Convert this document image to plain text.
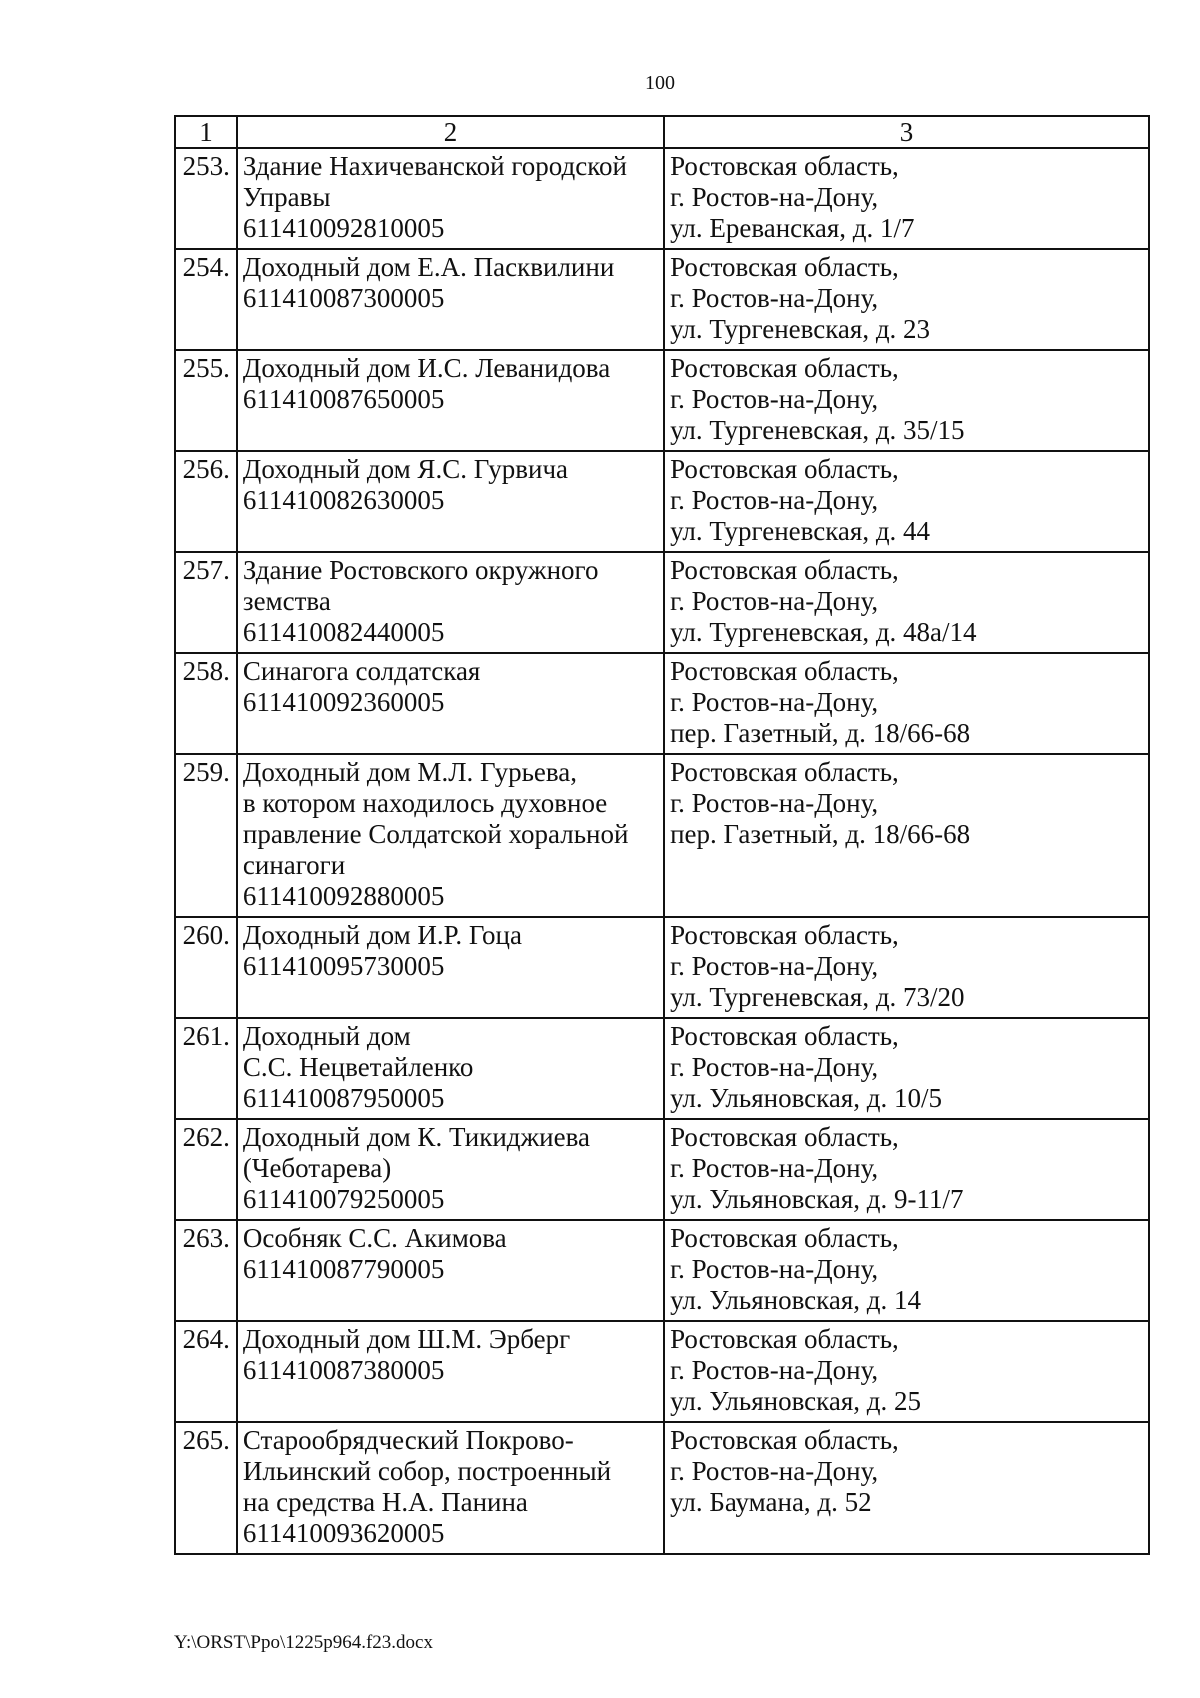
100
1	2	3
253.	Здание Нахичеванской городской
Управы
611410092810005	Ростовская область,
г. Ростов-на-Дону,
ул. Ереванская, д. 1/7

254.	Доходный дом Е.А. Пасквилини
611410087300005	Ростовская область,
г. Ростов-на-Дону,
ул. Тургеневская, д. 23

255.	Доходный дом И.С. Леванидова
611410087650005	Ростовская область,
г. Ростов-на-Дону,
ул. Тургеневская, д. 35/15

256.	Доходный дом Я.С. Гурвича
611410082630005	Ростовская область,
г. Ростов-на-Дону,
ул. Тургеневская, д. 44

257.	Здание Ростовского окружного
земства
611410082440005	Ростовская область,
г. Ростов-на-Дону,
ул. Тургеневская, д. 48а/14

258.	Синагога солдатская
611410092360005	Ростовская область,
г. Ростов-на-Дону,
пер. Газетный, д. 18/66-68

259.	Доходный дом М.Л. Гурьева,
в котором находилось духовное
правление Солдатской хоральной
синагоги
611410092880005	Ростовская область,
г. Ростов-на-Дону,
пер. Газетный, д. 18/66-68

260.	Доходный дом И.Р. Гоца
611410095730005	Ростовская область,
г. Ростов-на-Дону,
ул. Тургеневская, д. 73/20

261.	Доходный дом
С.С. Нецветайленко
611410087950005	Ростовская область,
г. Ростов-на-Дону,
ул. Ульяновская, д. 10/5

262.	Доходный дом К. Тикиджиева
(Чеботарева)
611410079250005	Ростовская область,
г. Ростов-на-Дону,
ул. Ульяновская, д. 9-11/7

263.	Особняк С.С. Акимова
611410087790005	Ростовская область,
г. Ростов-на-Дону,
ул. Ульяновская, д. 14

264.	Доходный дом Ш.М. Эрберг
611410087380005	Ростовская область,
г. Ростов-на-Дону,
ул. Ульяновская, д. 25

265.	Старообрядческий Покрово-
Ильинский собор, построенный
на средства Н.А. Панина
611410093620005	Ростовская область,
г. Ростов-на-Дону,
ул. Баумана, д. 52
Y:\ORST\Ppo\1225p964.f23.docx
